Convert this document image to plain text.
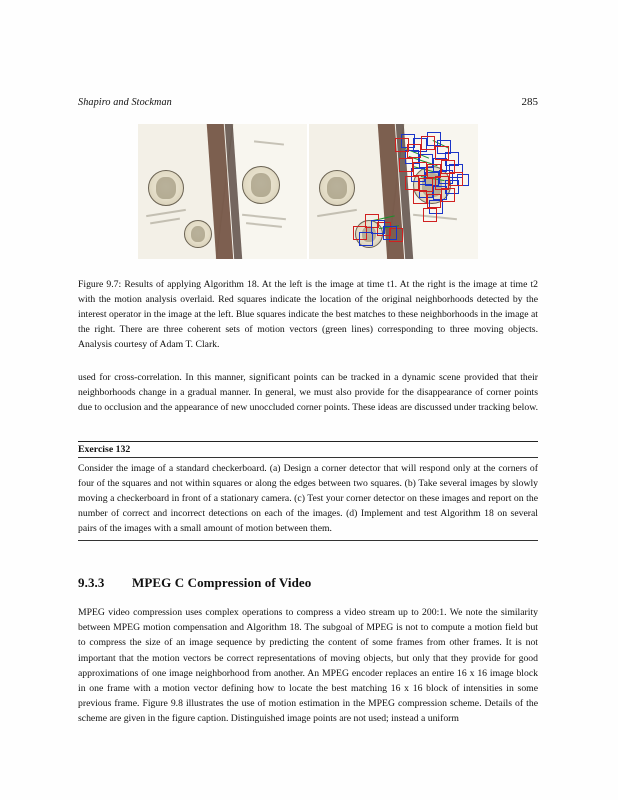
Shapiro and Stockman	285
Figure 9.7: Results of applying Algorithm 18. At the left is the image at time t1. At the right is the image at time t2 with the motion analysis overlaid. Red squares indicate the location of the original neighborhoods detected by the interest operator in the image at the left. Blue squares indicate the best matches to these neighborhoods in the image at the right. There are three coherent sets of motion vectors (green lines) corresponding to three moving objects. Analysis courtesy of Adam T. Clark.

used for cross-correlation. In this manner, significant points can be tracked in a dynamic scene provided that their neighborhoods change in a gradual manner. In general, we must also provide for the disappearance of corner points due to occlusion and the appearance of new unoccluded corner points. These ideas are discussed under tracking below.

Exercise 132
Consider the image of a standard checkerboard. (a) Design a corner detector that will respond only at the corners of four of the squares and not within squares or along the edges between two squares. (b) Take several images by slowly moving a checkerboard in front of a stationary camera. (c) Test your corner detector on these images and report on the number of correct and incorrect detections on each of the images. (d) Implement and test Algorithm 18 on several pairs of the images with a small amount of motion between them.
9.3.3 MPEG C Compression of Video

MPEG video compression uses complex operations to compress a video stream up to 200:1. We note the similarity between MPEG motion compensation and Algorithm 18. The subgoal of MPEG is not to compute a motion field but to compress the size of an image sequence by predicting the content of some frames from other frames. It is not important that the motion vectors be correct representations of moving objects, but only that they provide for good approximations of one image neighborhood from another. An MPEG encoder replaces an entire 16 x 16 image block in one frame with a motion vector defining how to locate the best matching 16 x 16 block of intensities in some previous frame. Figure 9.8 illustrates the use of motion estimation in the MPEG compression scheme. Details of the scheme are given in the figure caption. Distinguished image points are not used; instead a uniform
